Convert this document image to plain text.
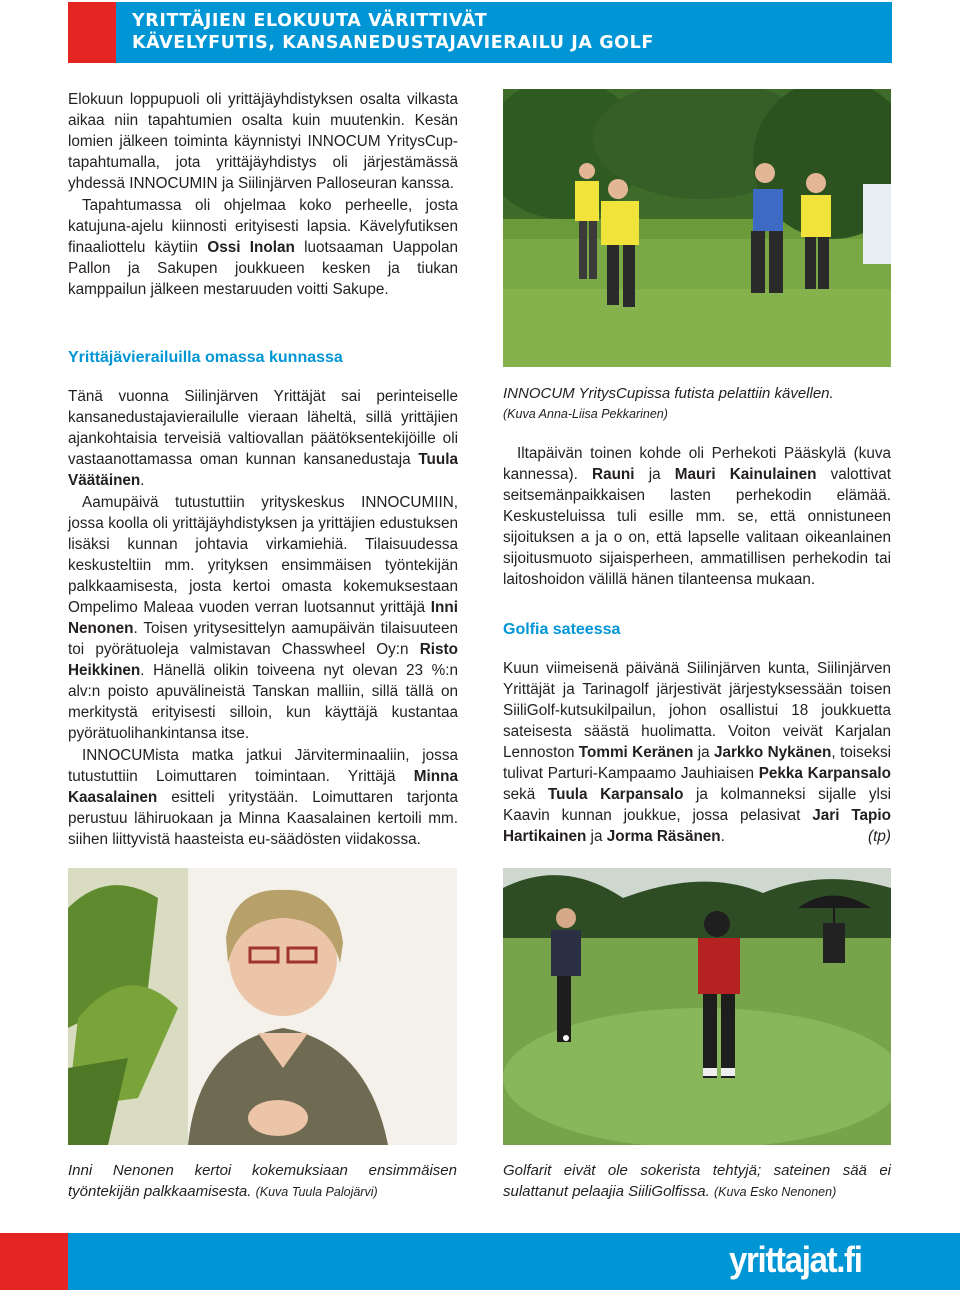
YRITTÄJIEN ELOKUUTA VÄRITTIVÄT
KÄVELYFUTIS, KANSANEDUSTAJAVIERAILU JA GOLF

Elokuun loppupuoli oli yrittäjäyhdistyksen osalta vilkasta aikaa niin tapahtumien osalta kuin muutenkin. Kesän lomien jälkeen toiminta käynnistyi INNOCUM YritysCup-tapahtumalla, jota yrittäjäyhdistys oli järjestämässä yhdessä INNOCUMIN ja Siilinjärven Palloseuran kanssa.

Tapahtumassa oli ohjelmaa koko perheelle, josta katujuna-ajelu kiinnosti erityisesti lapsia. Kävelyfutiksen finaaliottelu käytiin Ossi Inolan luotsaaman Uappolan Pallon ja Sakupen joukkueen kesken ja tiukan kamppailun jälkeen mestaruuden voitti Sakupe.

Yrittäjävierailuilla omassa kunnassa

Tänä vuonna Siilinjärven Yrittäjät sai perinteiselle kansanedustajavierailulle vieraan läheltä, sillä yrittäjien ajankohtaisia terveisiä valtiovallan päätöksentekijöille oli vastaanottamassa oman kunnan kansanedustaja Tuula Väätäinen.

Aamupäivä tutustuttiin yrityskeskus INNOCUMIIN, jossa koolla oli yrittäjäyhdistyksen ja yrittäjien edustuksen lisäksi kunnan johtavia virkamiehiä. Tilaisuudessa keskusteltiin mm. yrityksen ensimmäisen työntekijän palkkaamisesta, josta kertoi omasta kokemuksestaan Ompelimo Maleaa vuoden verran luotsannut yrittäjä Inni Nenonen. Toisen yritysesittelyn aamupäivän tilaisuuteen toi pyörätuoleja valmistavan Chasswheel Oy:n Risto Heikkinen. Hänellä olikin toiveena nyt olevan 23 %:n alv:n poisto apuvälineistä Tanskan malliin, sillä tällä on merkitystä erityisesti silloin, kun käyttäjä kustantaa pyörätuolihankintansa itse.

INNOCUMista matka jatkui Järviterminaaliin, jossa tutustuttiin Loimuttaren toimintaan. Yrittäjä Minna Kaasalainen esitteli yritystään. Loimuttaren tarjonta perustuu lähiruokaan ja Minna Kaasalainen kertoili mm. siihen liittyvistä haasteista eu-säädösten viidakossa.

INNOCUM YritysCupissa futista pelattiin kävellen.
(Kuva Anna-Liisa Pekkarinen)

Iltapäivän toinen kohde oli Perhekoti Pääskylä (kuva kannessa). Rauni ja Mauri Kainulainen valottivat seitsemänpaikkaisen lasten perhekodin elämää. Keskusteluissa tuli esille mm. se, että onnistuneen sijoituksen a ja o on, että lapselle valitaan oikeanlainen sijoitusmuoto sijaisperheen, ammatillisen perhekodin tai laitoshoidon välillä hänen tilanteensa mukaan.

Golfia sateessa

Kuun viimeisenä päivänä Siilinjärven kunta, Siilinjärven Yrittäjät ja Tarinagolf järjestivät järjestyksessään toisen SiiliGolf-kutsukilpailun, johon osallistui 18 joukkuetta sateisesta säästä huolimatta. Voiton veivät Karjalan Lennoston Tommi Keränen ja Jarkko Nykänen, toiseksi tulivat Parturi-Kampaamo Jauhiaisen Pekka Karpansalo sekä Tuula Karpansalo ja kolmanneksi sijalle ylsi Kaavin kunnan joukkue, jossa pelasivat Jari Tapio Hartikainen ja Jorma Räsänen.	(tp)

Inni Nenonen kertoi kokemuksiaan ensimmäisen työntekijän palkkaamisesta. (Kuva Tuula Palojärvi)
Golfarit eivät ole sokerista tehtyjä; sateinen sää ei sulattanut pelaajia SiiliGolfissa. (Kuva Esko Nenonen)
yrittajat.fi
